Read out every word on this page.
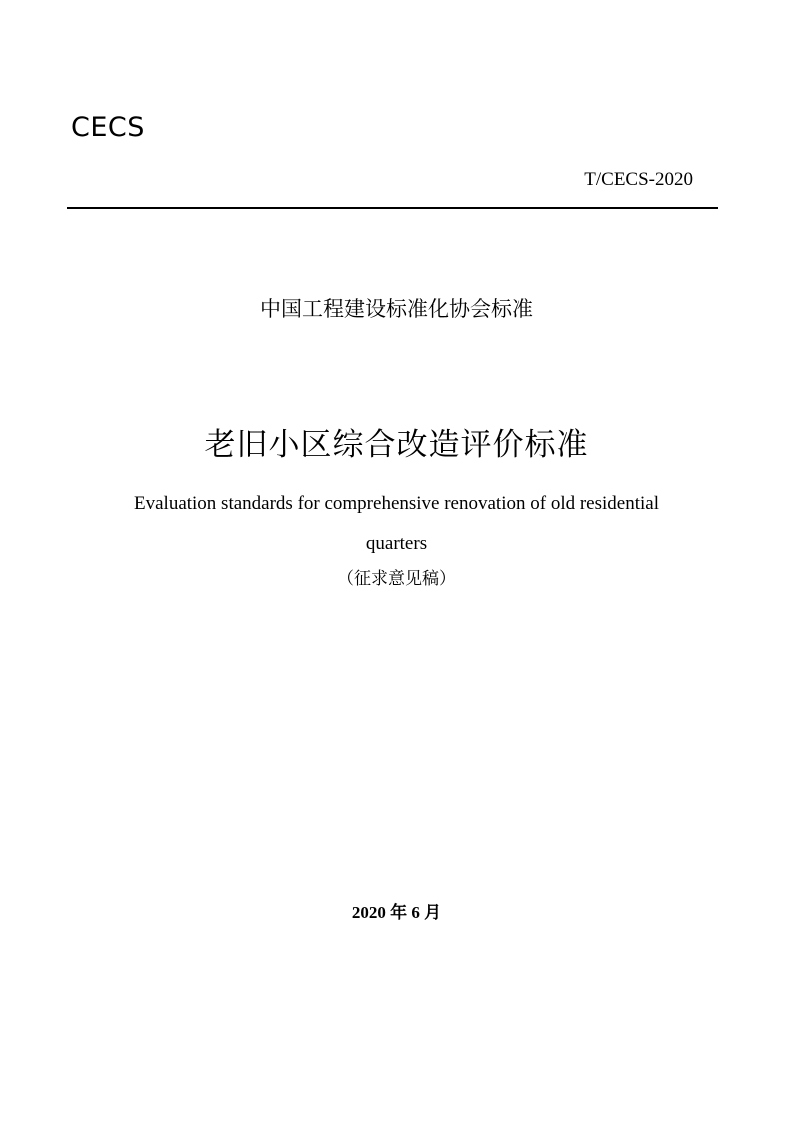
CECS
T/CECS-2020
中国工程建设标准化协会标准
老旧小区综合改造评价标准
Evaluation standards for comprehensive renovation of old residential
quarters
（征求意见稿）
2020 年 6 月
